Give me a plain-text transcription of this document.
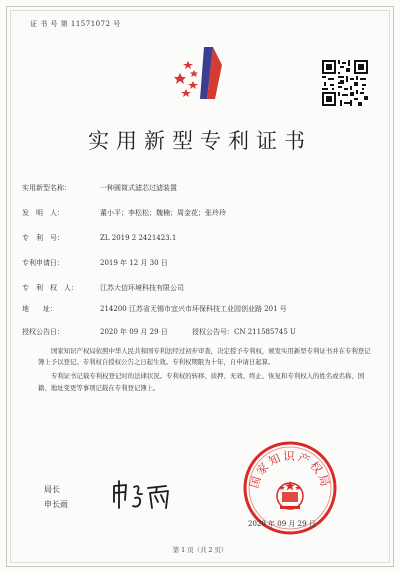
证 书 号 第 11571072 号
实用新型专利证书
实用新型名称：	一种圆筒式滤芯过滤装置
发　明　人：	董小平；李松松；魏楠；周金花；张玲玲
专　利　号：	ZL 2019 2 2421423.1
专利申请日：	2019 年 12 月 30 日
专　利　权　人：	江苏大信环境科技有限公司
地　　址：	214200 江苏省无锡市宜兴市环保科技工业园创业路 201 号
授权公告日：	2020 年 09 月 29 日	授权公告号：CN 211585745 U

国家知识产权局依照中华人民共和国专利法经过初步审查，决定授予专利权，颁发实用新型专利证书并在专利登记簿上予以登记。专利权自授权公告之日起生效。专利权期限为十年，自申请日起算。

专利证书记载专利权登记时的法律状况。专利权的转移、质押、无效、终止、恢复和专利权人的姓名或名称、国籍、地址变更等事项记载在专利登记簿上。

局长
申长雨
国家知识产权局
2020 年 09 月 29 日
第 1 页（共 2 页）
